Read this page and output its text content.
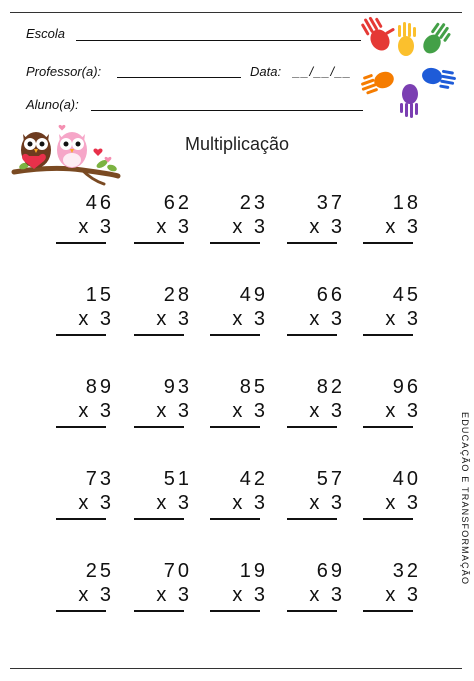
Escola
Professor(a):	Data: __/__/__
Aluno(a):
Multiplicação
EDUCAÇÃO E TRANSFORMAÇÃO
46
x 3
62
x 3
23
x 3
37
x 3
18
x 3
15
x 3
28
x 3
49
x 3
66
x 3
45
x 3
89
x 3
93
x 3
85
x 3
82
x 3
96
x 3
73
x 3
51
x 3
42
x 3
57
x 3
40
x 3
25
x 3
70
x 3
19
x 3
69
x 3
32
x 3
